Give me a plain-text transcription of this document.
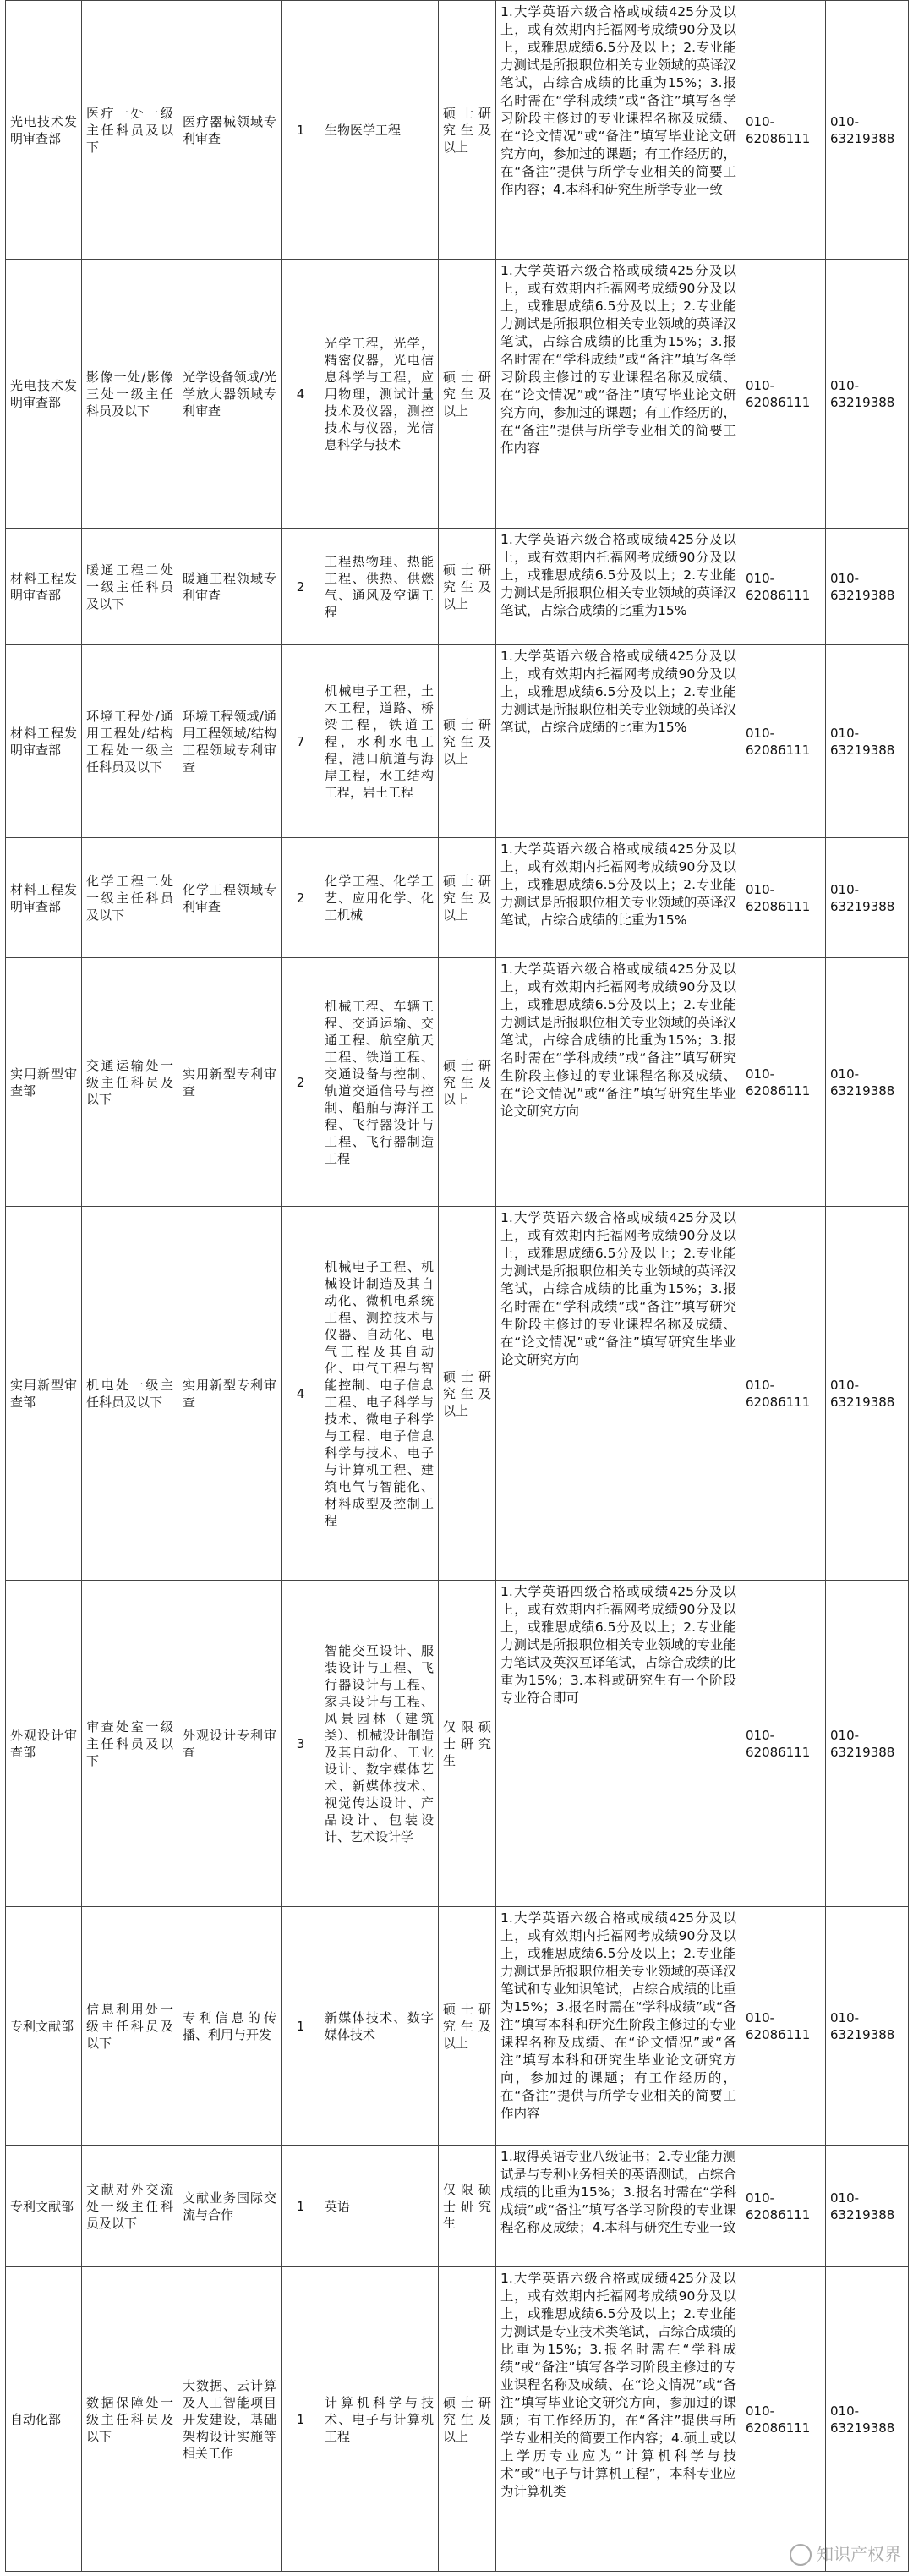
光电技术发明审查部	医疗一处一级主任科员及以下	医疗器械领域专利审查	1	生物医学工程	硕士研究生及以上	1.大学英语六级合格或成绩425分及以上，或有效期内托福网考成绩90分及以上，或雅思成绩6.5分及以上；2.专业能力测试是所报职位相关专业领域的英译汉笔试，占综合成绩的比重为15%；3.报名时需在“学科成绩”或“备注”填写各学习阶段主修过的专业课程名称及成绩、在“论文情况”或“备注”填写毕业论文研究方向，参加过的课题；有工作经历的，在“备注”提供与所学专业相关的简要工作内容；4.本科和研究生所学专业一致	010-62086111	010-63219388
光电技术发明审查部	影像一处/影像三处一级主任科员及以下	光学设备领域/光学放大器领域专利审查	4	光学工程，光学，精密仪器，光电信息科学与工程，应用物理，测试计量技术及仪器，测控技术与仪器，光信息科学与技术	硕士研究生及以上	1.大学英语六级合格或成绩425分及以上，或有效期内托福网考成绩90分及以上，或雅思成绩6.5分及以上；2.专业能力测试是所报职位相关专业领域的英译汉笔试，占综合成绩的比重为15%；3.报名时需在“学科成绩”或“备注”填写各学习阶段主修过的专业课程名称及成绩、在“论文情况”或“备注”填写毕业论文研究方向，参加过的课题；有工作经历的，在“备注”提供与所学专业相关的简要工作内容	010-62086111	010-63219388
材料工程发明审查部	暖通工程二处一级主任科员及以下	暖通工程领域专利审查	2	工程热物理、热能工程、供热、供燃气、通风及空调工程	硕士研究生及以上	1.大学英语六级合格或成绩425分及以上，或有效期内托福网考成绩90分及以上，或雅思成绩6.5分及以上；2.专业能力测试是所报职位相关专业领域的英译汉笔试，占综合成绩的比重为15%	010-62086111	010-63219388
材料工程发明审查部	环境工程处/通用工程处/结构工程处一级主任科员及以下	环境工程领域/通用工程领域/结构工程领域专利审查	7	机械电子工程，土木工程，道路、桥梁工程，铁道工程，水利水电工程，港口航道与海岸工程，水工结构工程，岩土工程	硕士研究生及以上	1.大学英语六级合格或成绩425分及以上，或有效期内托福网考成绩90分及以上，或雅思成绩6.5分及以上；2.专业能力测试是所报职位相关专业领域的英译汉笔试，占综合成绩的比重为15%	010-62086111	010-63219388
材料工程发明审查部	化学工程二处一级主任科员及以下	化学工程领域专利审查	2	化学工程、化学工艺、应用化学、化工机械	硕士研究生及以上	1.大学英语六级合格或成绩425分及以上，或有效期内托福网考成绩90分及以上，或雅思成绩6.5分及以上；2.专业能力测试是所报职位相关专业领域的英译汉笔试，占综合成绩的比重为15%	010-62086111	010-63219388
实用新型审查部	交通运输处一级主任科员及以下	实用新型专利审查	2	机械工程、车辆工程、交通运输、交通工程、航空航天工程、铁道工程、交通设备与控制、轨道交通信号与控制、船舶与海洋工程、飞行器设计与工程、飞行器制造工程	硕士研究生及以上	1.大学英语六级合格或成绩425分及以上，或有效期内托福网考成绩90分及以上，或雅思成绩6.5分及以上；2.专业能力测试是所报职位相关专业领域的英译汉笔试，占综合成绩的比重为15%；3.报名时需在“学科成绩”或“备注”填写研究生阶段主修过的专业课程名称及成绩、在“论文情况”或“备注”填写研究生毕业论文研究方向	010-62086111	010-63219388
实用新型审查部	机电处一级主任科员及以下	实用新型专利审查	4	机械电子工程、机械设计制造及其自动化、微机电系统工程、测控技术与仪器、自动化、电气工程及其自动化、电气工程与智能控制、电子信息工程、电子科学与技术、微电子科学与工程、电子信息科学与技术、电子与计算机工程、建筑电气与智能化、材料成型及控制工程	硕士研究生及以上	1.大学英语六级合格或成绩425分及以上，或有效期内托福网考成绩90分及以上，或雅思成绩6.5分及以上；2.专业能力测试是所报职位相关专业领域的英译汉笔试，占综合成绩的比重为15%；3.报名时需在“学科成绩”或“备注”填写研究生阶段主修过的专业课程名称及成绩、在“论文情况”或“备注”填写研究生毕业论文研究方向	010-62086111	010-63219388
外观设计审查部	审查处室一级主任科员及以下	外观设计专利审查	3	智能交互设计、服装设计与工程、飞行器设计与工程、家具设计与工程、风景园林（建筑类）、机械设计制造及其自动化、工业设计、数字媒体艺术、新媒体技术、视觉传达设计、产品设计、包装设计、艺术设计学	仅限硕士研究生	1.大学英语四级合格或成绩425分及以上，或有效期内托福网考成绩90分及以上，或雅思成绩6.5分及以上；2.专业能力测试是所报职位相关专业领域的专业能力笔试及英汉互译笔试，占综合成绩的比重为15%；3.本科或研究生有一个阶段专业符合即可	010-62086111	010-63219388
专利文献部	信息利用处一级主任科员及以下	专利信息的传播、利用与开发	1	新媒体技术、数字媒体技术	硕士研究生及以上	1.大学英语六级合格或成绩425分及以上，或有效期内托福网考成绩90分及以上，或雅思成绩6.5分及以上；2.专业能力测试是所报职位相关专业领域的英译汉笔试和专业知识笔试，占综合成绩的比重为15%；3.报名时需在“学科成绩”或“备注”填写本科和研究生阶段主修过的专业课程名称及成绩、在“论文情况”或“备注”填写本科和研究生毕业论文研究方向，参加过的课题；有工作经历的，在“备注”提供与所学专业相关的简要工作内容	010-62086111	010-63219388
专利文献部	文献对外交流处一级主任科员及以下	文献业务国际交流与合作	1	英语	仅限硕士研究生	1.取得英语专业八级证书；2.专业能力测试是与专利业务相关的英语测试，占综合成绩的比重为15%；3.报名时需在“学科成绩”或“备注”填写各学习阶段的专业课程名称及成绩；4.本科与研究生专业一致	010-62086111	010-63219388
自动化部	数据保障处一级主任科员及以下	大数据、云计算及人工智能项目开发建设，基础架构设计实施等相关工作	1	计算机科学与技术、电子与计算机工程	硕士研究生及以上	1.大学英语六级合格或成绩425分及以上，或有效期内托福网考成绩90分及以上，或雅思成绩6.5分及以上；2.专业能力测试是专业技术类笔试，占综合成绩的比重为15%；3.报名时需在“学科成绩”或“备注”填写各学习阶段主修过的专业课程名称及成绩、在“论文情况”或“备注”填写毕业论文研究方向，参加过的课题；有工作经历的，在“备注”提供与所学专业相关的简要工作内容；4.硕士或以上学历专业应为“计算机科学与技术”或“电子与计算机工程”，本科专业应为计算机类	010-62086111	010-63219388
知识产权界
